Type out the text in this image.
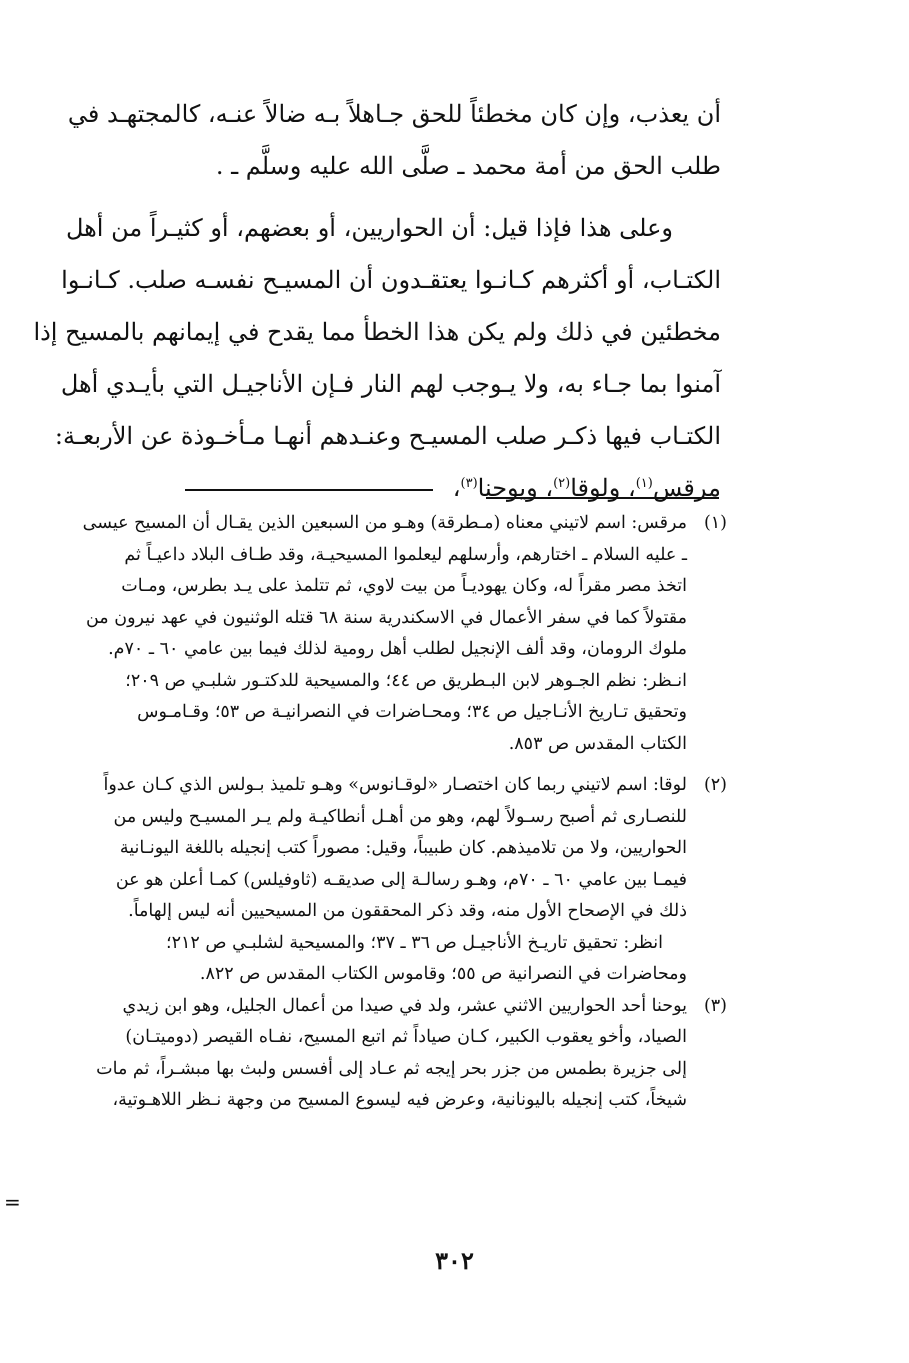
أن يعذب، وإن كان مخطئاً للحق جـاهلاً بـه ضالاً عنـه، كالمجتهـد في

طلب الحق من أمة محمد ـ صلَّى الله عليه وسلَّم ـ .

وعلى هذا فإذا قيل: أن الحواريين، أو بعضهم، أو كثيـراً من أهل

الكتـاب، أو أكثرهم كـانـوا يعتقـدون أن المسيـح نفسـه صلب. كـانـوا

مخطئين في ذلك ولم يكن هذا الخطأ مما يقدح في إيمانهم بالمسيح إذا

آمنوا بما جـاء به، ولا يـوجب لهم النار فـإن الأناجيـل التي بأيـدي أهل

الكتـاب فيها ذكـر صلب المسيـح وعنـدهم أنهـا مـأخـوذة عن الأربعـة:

مرقس$^{(١)}$، ولوقا$^{(٢)}$، ويوحنا$^{(٣)}$،

(١)

مرقس: اسم لاتيني معناه (مـطرقة) وهـو من السبعين الذين يقـال أن المسيح عيسى

ـ عليه السلام ـ اختارهم، وأرسلهم ليعلموا المسيحيـة، وقد طـاف البلاد داعيـاً ثم

اتخذ مصر مقراً له، وكان يهوديـاً من بيت لاوي، ثم تتلمذ على يـد بطرس، ومـات

مقتولاً كما في سفر الأعمال في الاسكندرية سنة ٦٨ قتله الوثنيون في عهد نيرون من

ملوك الرومان، وقد ألف الإنجيل لطلب أهل رومية لذلك فيما بين عامي ٦٠ ـ ٧٠م.

انـظر: نظم الجـوهر لابن البـطريق ص ٤٤؛ والمسيحية للدكتـور شلبـي ص ٢٠٩؛

وتحقيق تـاريخ الأنـاجيل ص ٣٤؛ ومحـاضرات في النصرانيـة ص ٥٣؛ وقـامـوس

الكتاب المقدس ص ٨٥٣.

(٢)

لوقا: اسم لاتيني ربما كان اختصـار «لوقـانوس» وهـو تلميذ بـولس الذي كـان عدواً

للنصـارى ثم أصبح رسـولاً لهم، وهو من أهـل أنطاكيـة ولم يـر المسيـح وليس من

الحواريين، ولا من تلاميذهم. كان طبيباً، وقيل: مصوراً كتب إنجيله باللغة اليونـانية

فيمـا بين عامي ٦٠ ـ ٧٠م، وهـو رسالـة إلى صديقـه (ثاوفيلس) كمـا أعلن هو عن

ذلك في الإصحاح الأول منه، وقد ذكر المحققون من المسيحيين أنه ليس إلهاماً.

انظر: تحقيق تاريـخ الأناجيـل ص ٣٦ ـ ٣٧؛ والمسيحية لشلبـي ص ٢١٢؛

ومحاضرات في النصرانية ص ٥٥؛ وقاموس الكتاب المقدس ص ٨٢٢.

(٣)

يوحنا أحد الحواريين الاثني عشر، ولد في صيدا من أعمال الجليل، وهو ابن زيدي

الصياد، وأخو يعقوب الكبير، كـان صياداً ثم اتبع المسيح، نفـاه القيصر (دوميتـان)

إلى جزيرة بطمس من جزر بحر إيجه ثم عـاد إلى أفسس ولبث بها مبشـراً، ثم مات

شيخاً، كتب إنجيله باليونانية، وعرض فيه ليسوع المسيح من وجهة نـظر اللاهـوتية،

=
٣٠٢
